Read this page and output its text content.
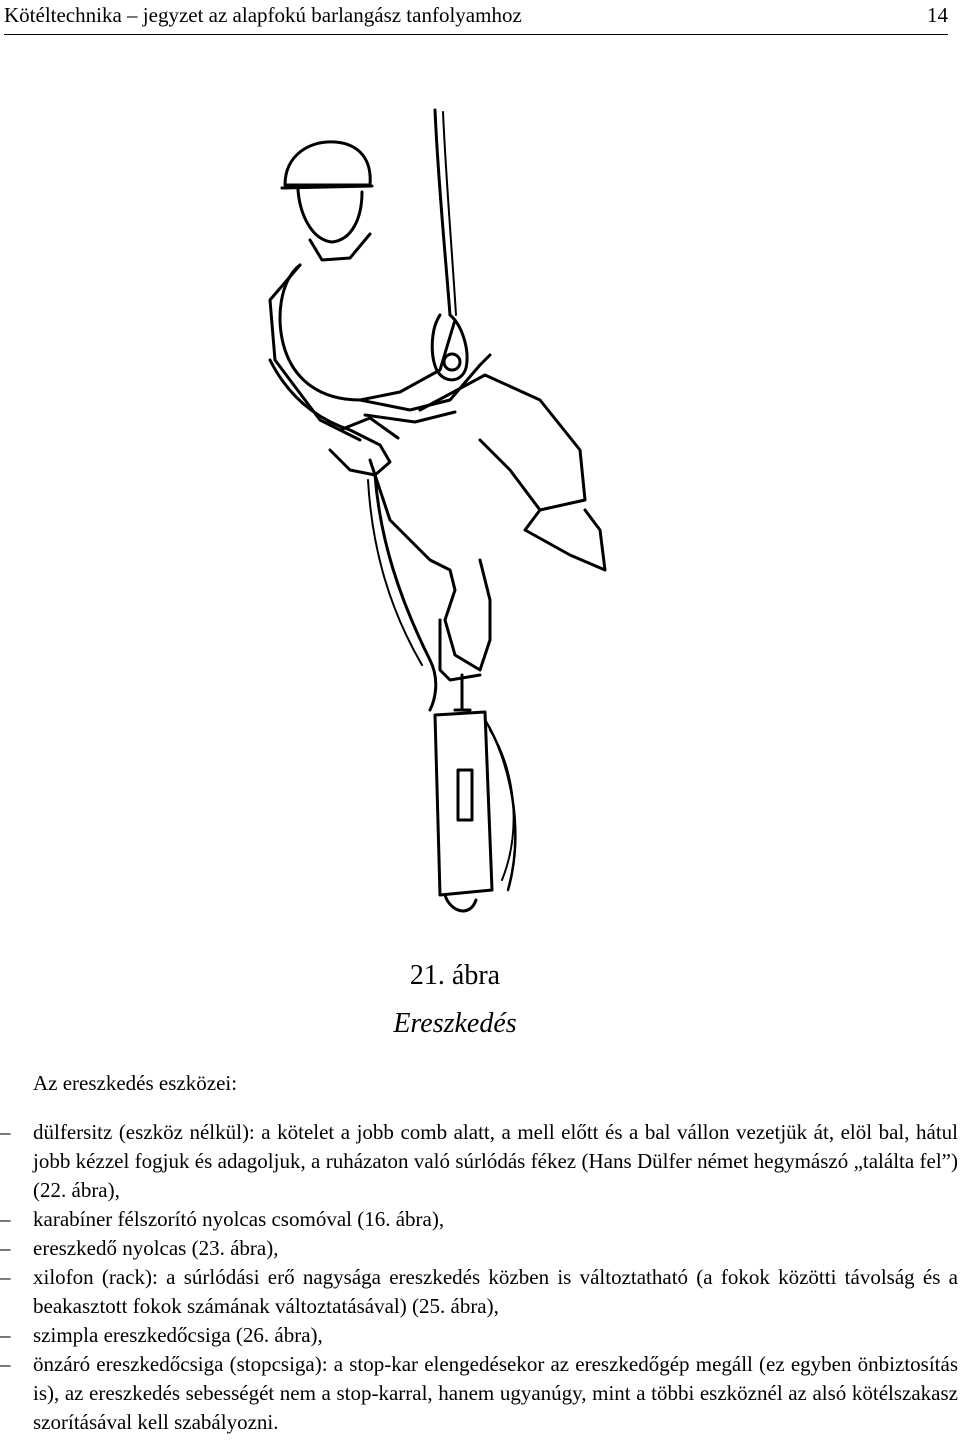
Kötéltechnika – jegyzet az alapfokú barlangász tanfolyamhoz	14
21. ábra
Ereszkedés
Az ereszkedés eszközei:
– dülfersitz (eszköz nélkül): a kötelet a jobb comb alatt, a mell előtt és a bal vállon vezetjük át, elöl bal, hátul jobb kézzel fogjuk és adagoljuk, a ruházaton való súrlódás fékez (Hans Dülfer német hegymászó „találta fel”) (22. ábra),
– karabíner félszorító nyolcas csomóval (16. ábra),
– ereszkedő nyolcas (23. ábra),
– xilofon (rack): a súrlódási erő nagysága ereszkedés közben is változtatható (a fokok közötti távolság és a beakasztott fokok számának változtatásával) (25. ábra),
– szimpla ereszkedőcsiga (26. ábra),
– önzáró ereszkedőcsiga (stopcsiga): a stop-kar elengedésekor az ereszkedőgép megáll (ez egyben önbiztosítás is), az ereszkedés sebességét nem a stop-karral, hanem ugyanúgy, mint a többi eszköznél az alsó kötélszakasz szorításával kell szabályozni.
